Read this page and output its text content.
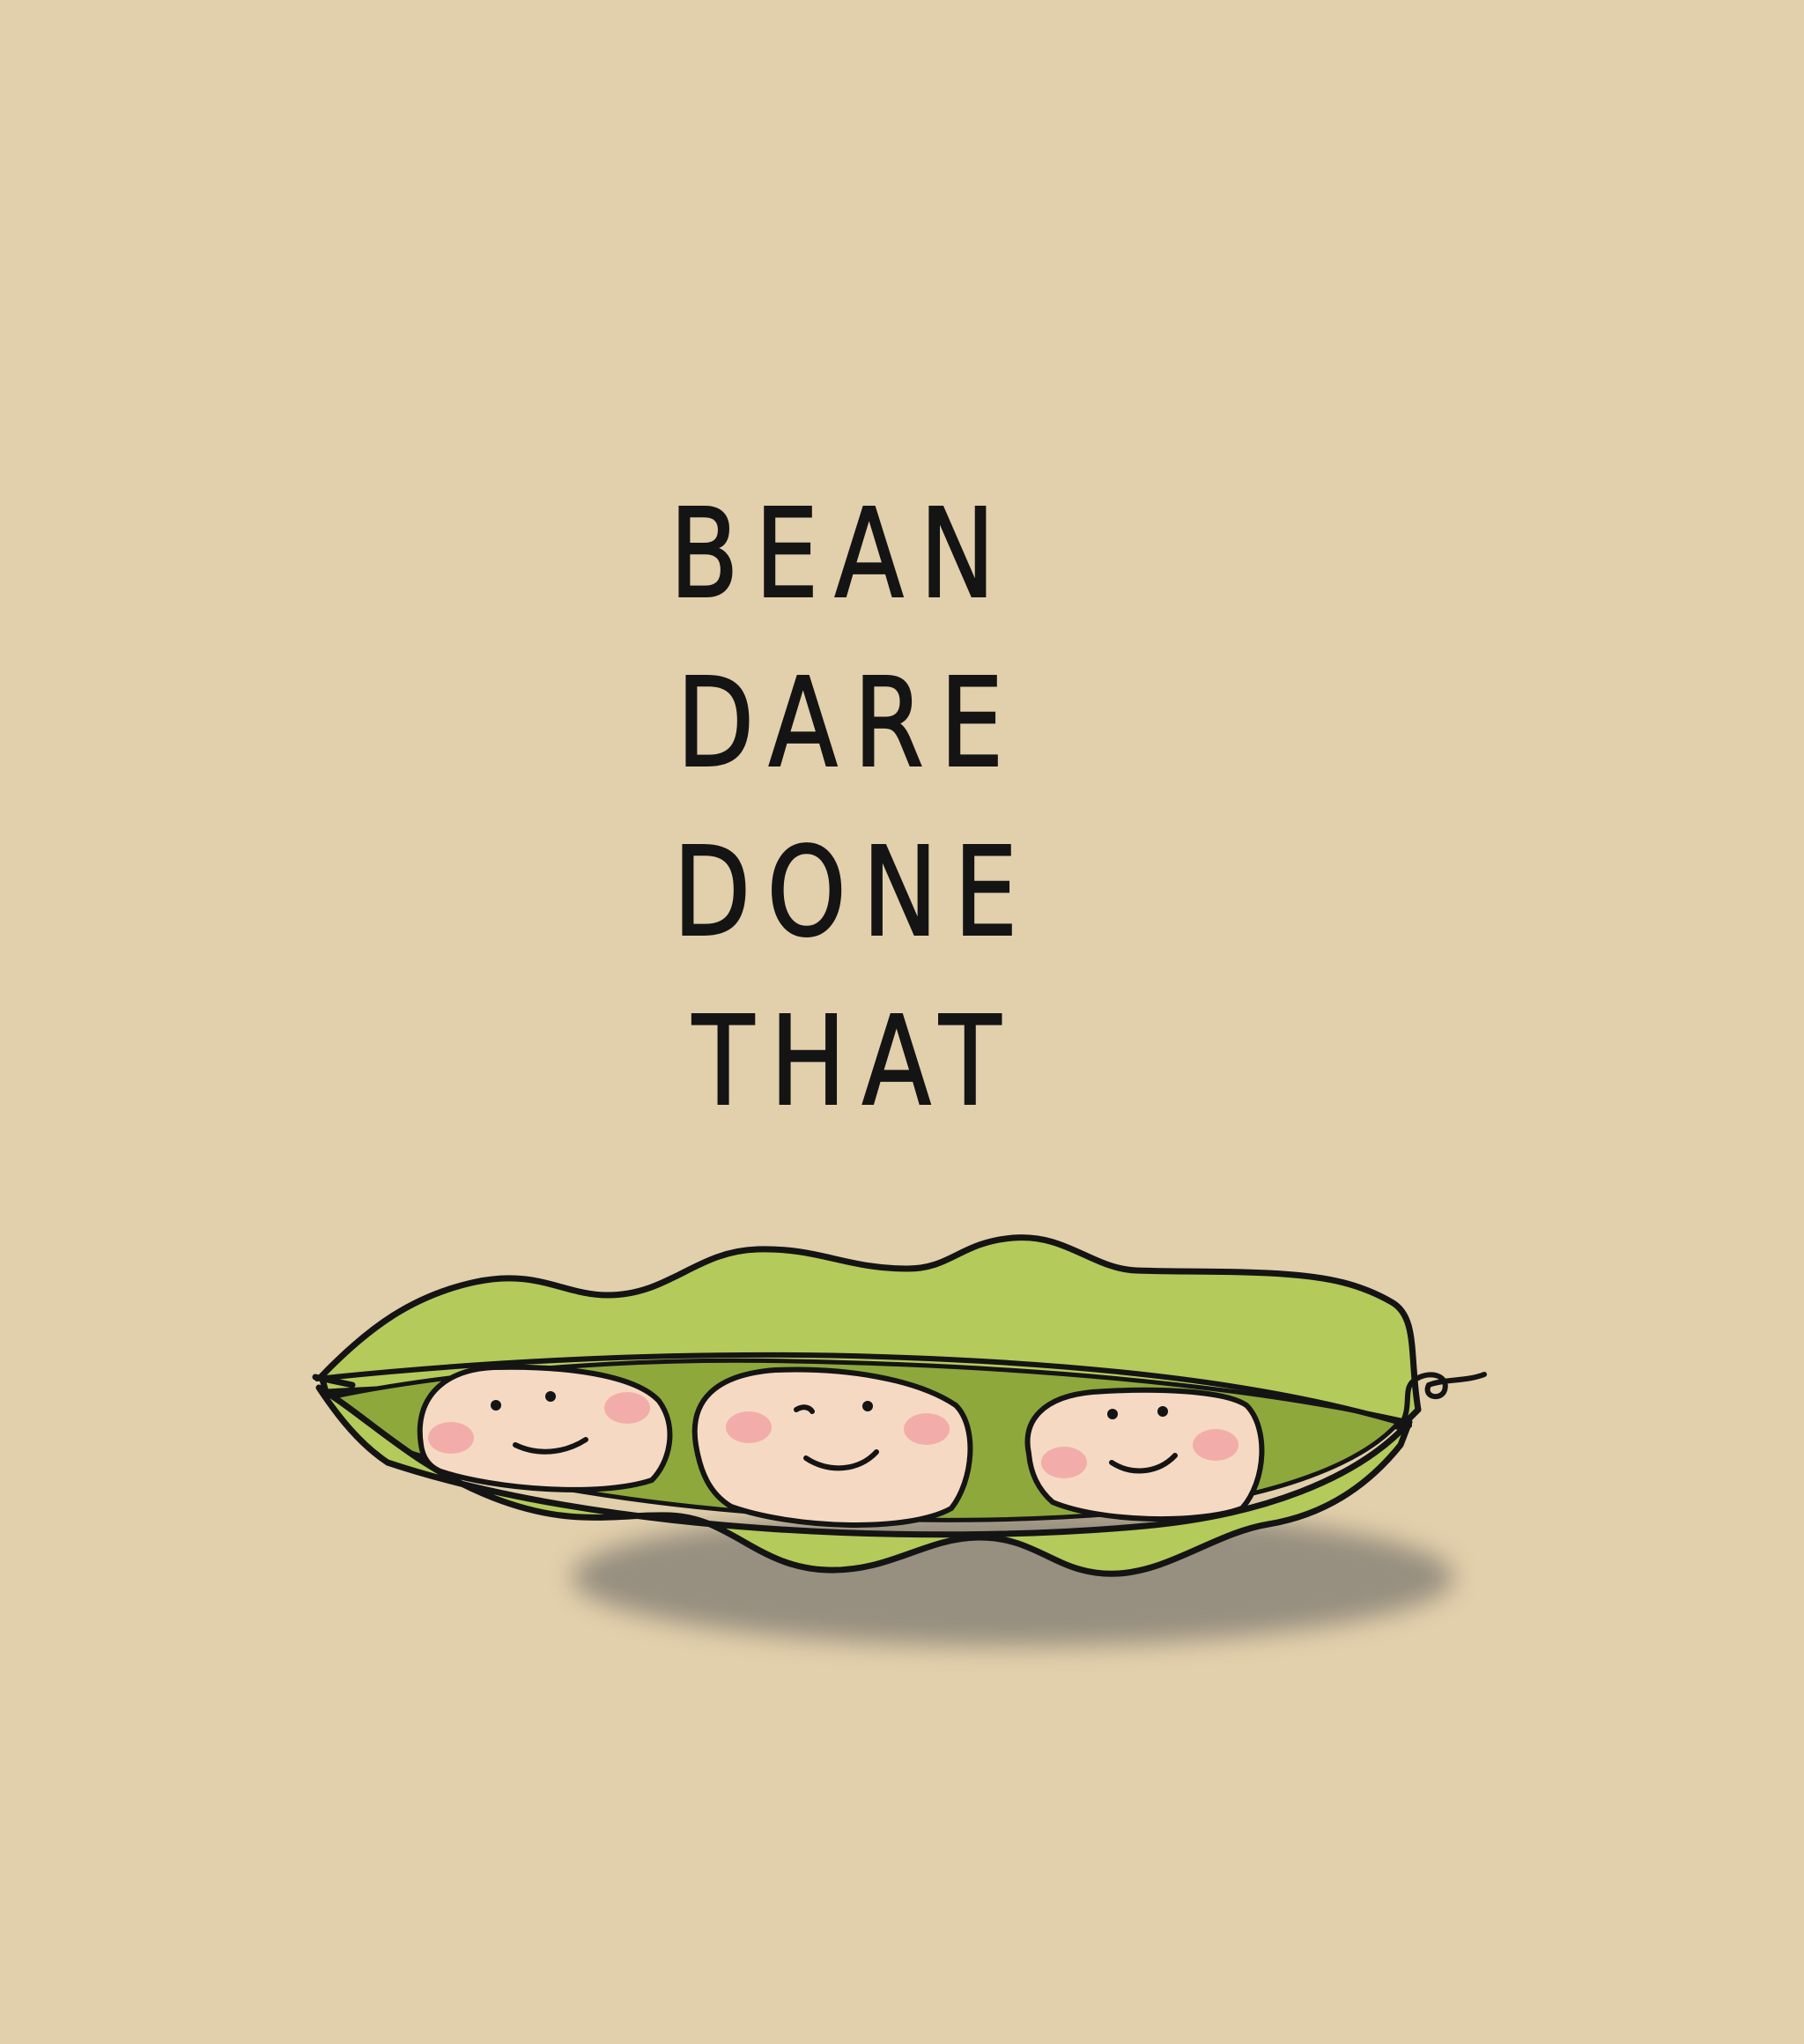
BEAN
DARE
DONE
THAT
